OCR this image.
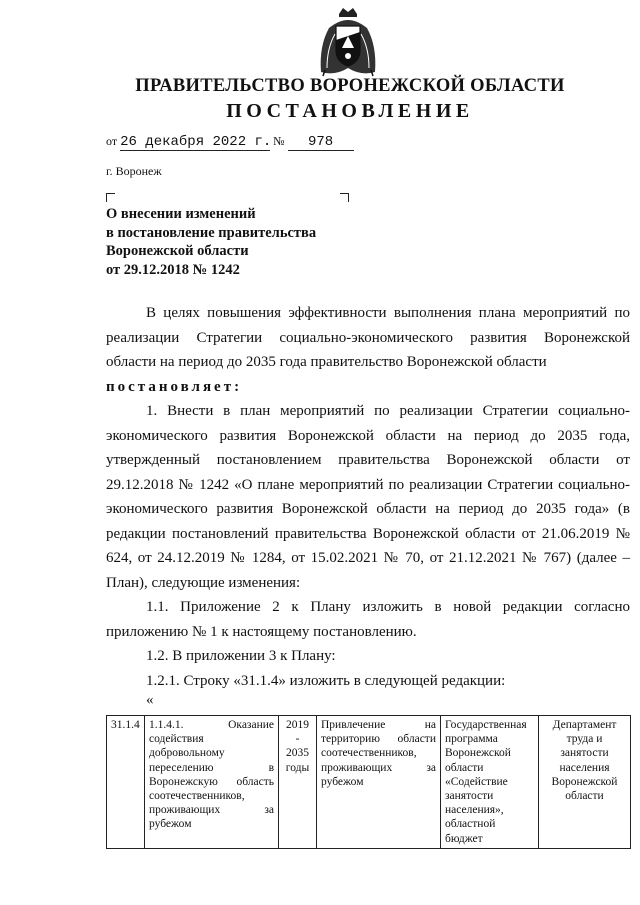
ПРАВИТЕЛЬСТВО ВОРОНЕЖСКОЙ ОБЛАСТИ
ПОСТАНОВЛЕНИЕ
от 26 декабря 2022 г. № 978
г. Воронеж
О внесении изменений
в постановление правительства
Воронежской области
от 29.12.2018 № 1242

В целях повышения эффективности выполнения плана мероприятий по реализации Стратегии социально-экономического развития Воронежской области на период до 2035 года правительство Воронежской области

постановляет:

1. Внести в план мероприятий по реализации Стратегии социально-экономического развития Воронежской области на период до 2035 года, утвержденный постановлением правительства Воронежской области от 29.12.2018 № 1242 «О плане мероприятий по реализации Стратегии социально-экономического развития Воронежской области на период до 2035 года» (в редакции постановлений правительства Воронежской области от 21.06.2019 № 624, от 24.12.2019 № 1284, от 15.02.2021 № 70, от 21.12.2021 № 767) (далее – План), следующие изменения:

1.1. Приложение 2 к Плану изложить в новой редакции согласно приложению № 1 к настоящему постановлению.

1.2. В приложении 3 к Плану:

1.2.1. Строку «31.1.4» изложить в следующей редакции:

«
31.1.4	1.1.4.1. Оказание содействия добровольному переселению в Воронежскую область соотечественников, проживающих за рубежом	2019 - 2035 годы	Привлечение на территорию области соотечественников, проживающих за рубежом	Государственная программа Воронежской области «Содействие занятости населения», областной бюджет	Департамент труда и занятости населения Воронежской области
